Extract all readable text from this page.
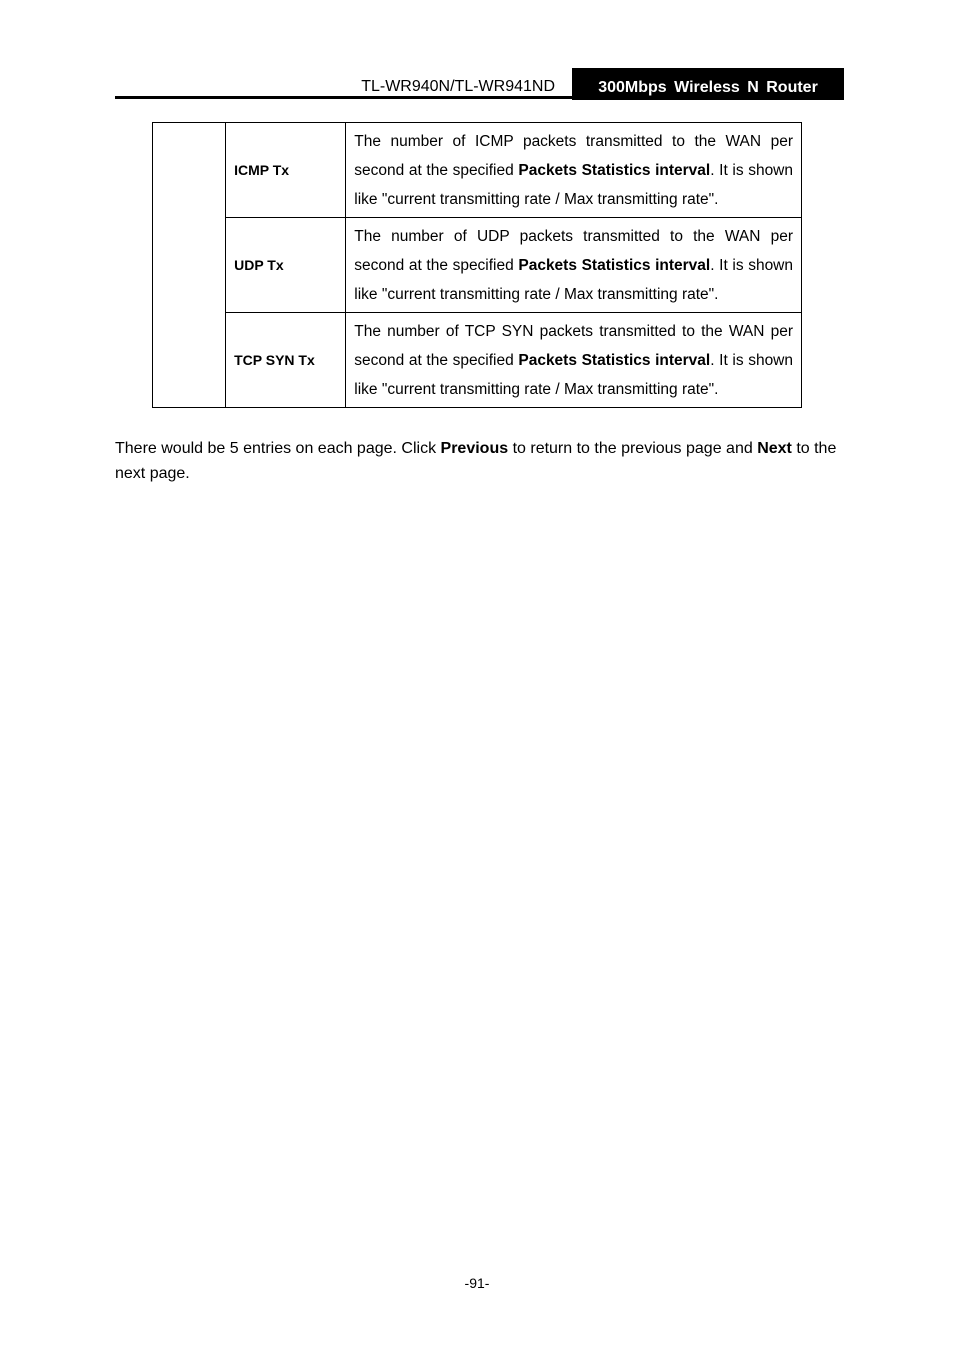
TL-WR940N/TL-WR941ND	300Mbps Wireless N Router
	ICMP Tx	The number of ICMP packets transmitted to the WAN per second at the specified Packets Statistics interval. It is shown like "current transmitting rate / Max transmitting rate".
	UDP Tx	The number of UDP packets transmitted to the WAN per second at the specified Packets Statistics interval. It is shown like "current transmitting rate / Max transmitting rate".
	TCP SYN Tx	The number of TCP SYN packets transmitted to the WAN per second at the specified Packets Statistics interval. It is shown like "current transmitting rate / Max transmitting rate".

There would be 5 entries on each page. Click Previous to return to the previous page and Next to the next page.

-91-
